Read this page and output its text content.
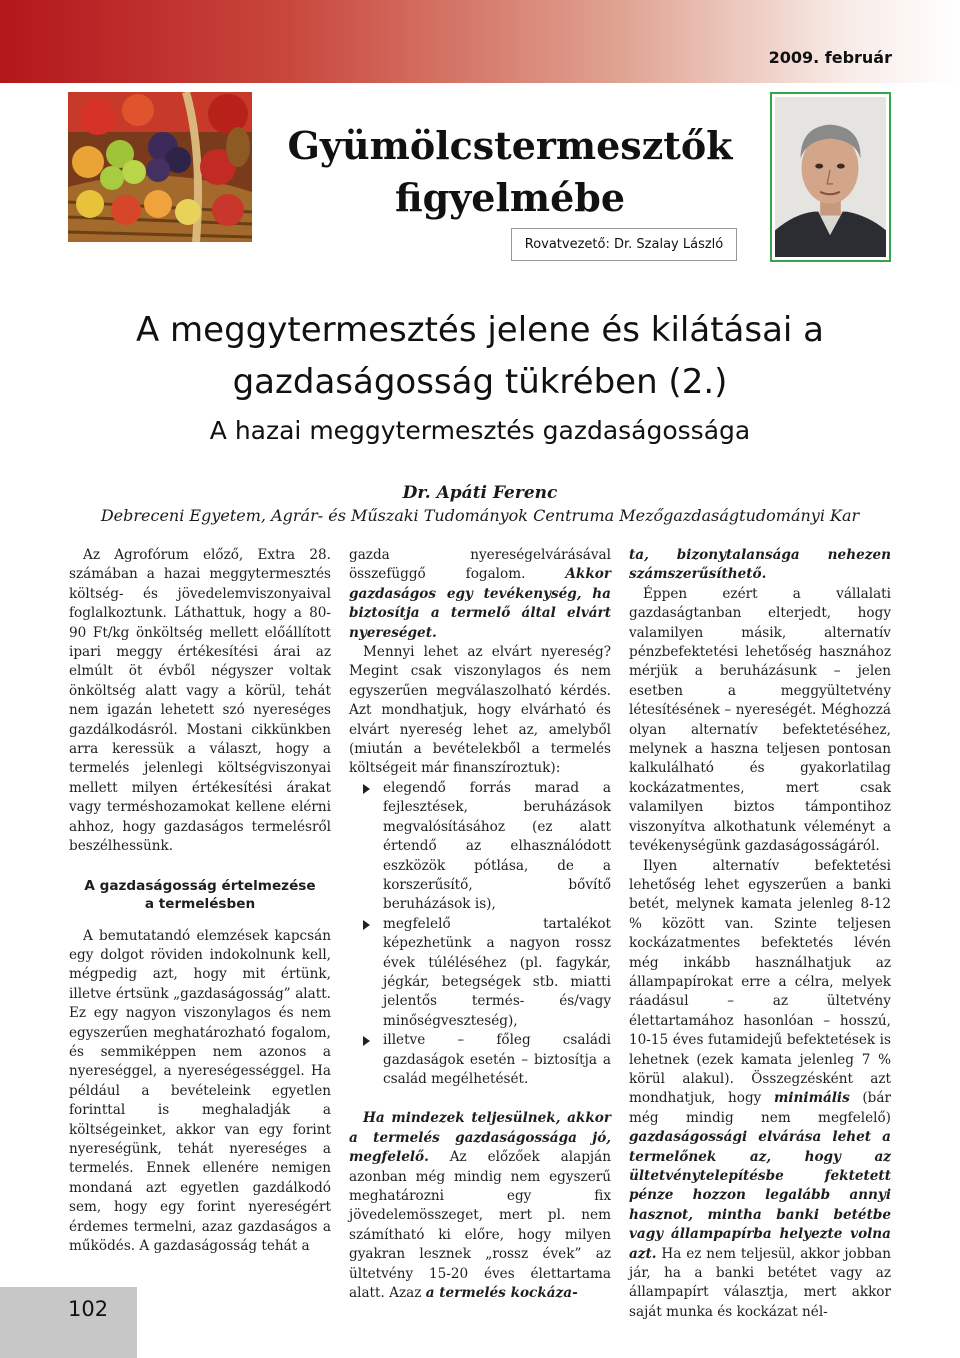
2009. február
Gyümölcstermesztők
figyelmébe
Rovatvezető: Dr. Szalay László
A meggytermesztés jelene és kilátásai a
gazdaságosság tükrében (2.)
A hazai meggytermesztés gazdaságossága
Dr. Apáti Ferenc
Debreceni Egyetem, Agrár- és Műszaki Tudományok Centruma Mezőgazdaságtudományi Kar

Az Agrofórum előző, Extra 28. számában a hazai meggytermesztés költség- és jövedelemviszonyaival foglalkoztunk. Láthattuk, hogy a 80-90 Ft/kg önköltség mellett előállított ipari meggy értékesítési árai az elmúlt öt évből négyszer voltak önköltség alatt vagy a körül, tehát nem igazán lehetett szó nyereséges gazdálkodásról. Mostani cikkünkben arra keressük a választ, hogy a termelés jelenlegi költségviszonyai mellett milyen értékesítési árakat vagy terméshozamokat kellene elérni ahhoz, hogy gazdaságos termelésről beszélhessünk.

A gazdaságosság értelmezése
a termelésben

A bemutatandó elemzések kapcsán egy dolgot röviden indokolnunk kell, mégpedig azt, hogy mit értünk, illetve értsünk „gazdaságosság” alatt. Ez egy nagyon viszonylagos és nem egyszerűen meghatározható fogalom, és semmiképpen nem azonos a nyereséggel, a nyereségességgel. Ha például a bevételeink egyetlen forinttal is meghaladják a költségeinket, akkor van egy forint nyereségünk, tehát nyereséges a termelés. Ennek ellenére nemigen mondaná azt egyetlen gazdálkodó sem, hogy egy forint nyereségért érdemes termelni, azaz gazdaságos a működés. A gazdaságosság tehát a

gazda nyereségelvárásával összefüggő fogalom. Akkor gazdaságos egy tevékenység, ha biztosítja a termelő által elvárt nyereséget.

Mennyi lehet az elvárt nyereség? Megint csak viszonylagos és nem egyszerűen megválaszolható kérdés. Azt mondhatjuk, hogy elvárható és elvárt nyereség lehet az, amelyből (miután a bevételekből a termelés költségeit már finanszíroztuk):

elegendő forrás marad a fejlesztések, beruházások megvalósításához (ez alatt értendő az elhasználódott eszközök pótlása, de a korszerűsítő, bővítő beruházások is),
megfelelő tartalékot képezhetünk a nagyon rossz évek túléléséhez (pl. fagykár, jégkár, betegségek stb. miatti jelentős termés- és/vagy minőségveszteség),
illetve – főleg családi gazdaságok esetén – biztosítja a család megélhetését.

Ha mindezek teljesülnek, akkor a termelés gazdaságossága jó, megfelelő. Az előzőek alapján azonban még mindig nem egyszerű meghatározni egy fix jövedelemösszeget, mert pl. nem számítható ki előre, hogy milyen gyakran lesznek „rossz évek” az ültetvény 15-20 éves élettartama alatt. Azaz a termelés kockáza-

ta, bizonytalansága nehezen számszerűsíthető.

Éppen ezért a vállalati gazdaságtanban elterjedt, hogy valamilyen másik, alternatív pénzbefektetési lehetőség hasznához mérjük a beruházásunk – jelen esetben a meggyültetvény létesítésének – nyereségét. Méghozzá olyan alternatív befektetéséhez, melynek a haszna teljesen pontosan kalkulálható és gyakorlatilag kockázatmentes, mert csak valamilyen biztos támpontihoz viszonyítva alkothatunk véleményt a tevékenységünk gazdaságosságáról.

Ilyen alternatív befektetési lehetőség lehet egyszerűen a banki betét, melynek kamata jelenleg 8-12 % között van. Szinte teljesen kockázatmentes befektetés lévén még inkább használhatjuk az állampapírokat erre a célra, melyek ráadásul – az ültetvény élettartamához hasonlóan – hosszú, 10-15 éves futamidejű befektetések is lehetnek (ezek kamata jelenleg 7 % körül alakul). Összegzésként azt mondhatjuk, hogy minimális (bár még mindig nem megfelelő) gazdaságossági elvárása lehet a termelőnek az, hogy az ültetvénytelepítésbe fektetett pénze hozzon legalább annyi hasznot, mintha banki betétbe vagy állampapírba helyezte volna azt. Ha ez nem teljesül, akkor jobban jár, ha a banki betétet vagy az állampapírt választja, mert akkor saját munka és kockázat nél-

102
